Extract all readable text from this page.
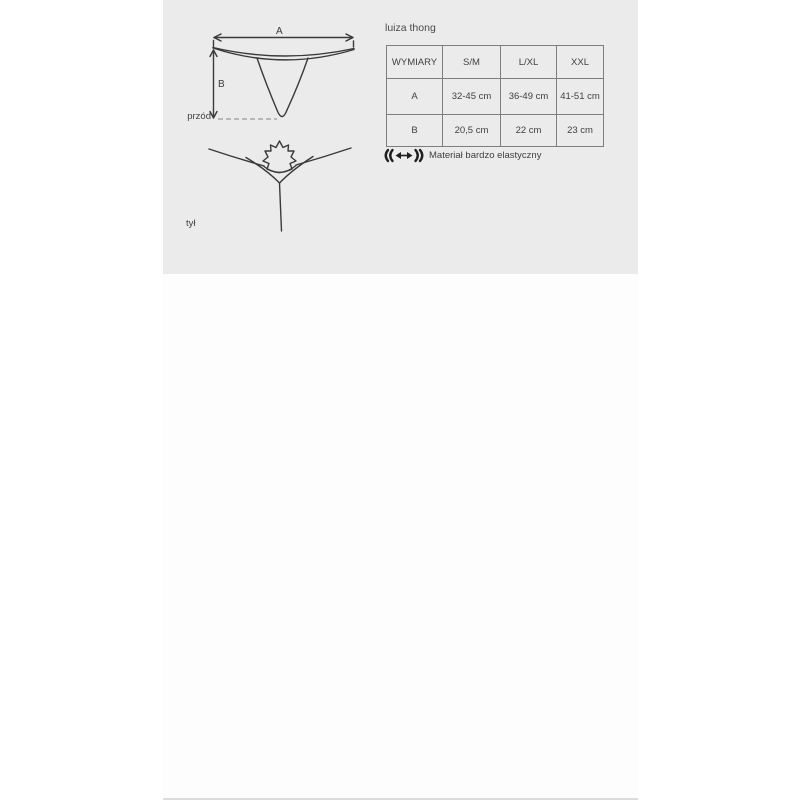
A
B
przód
tył
luiza thong
WYMIARY	S/M	L/XL	XXL
A	32-45 cm	36-49 cm	41-51 cm
B	20,5 cm	22 cm	23 cm
Materiał bardzo elastyczny
